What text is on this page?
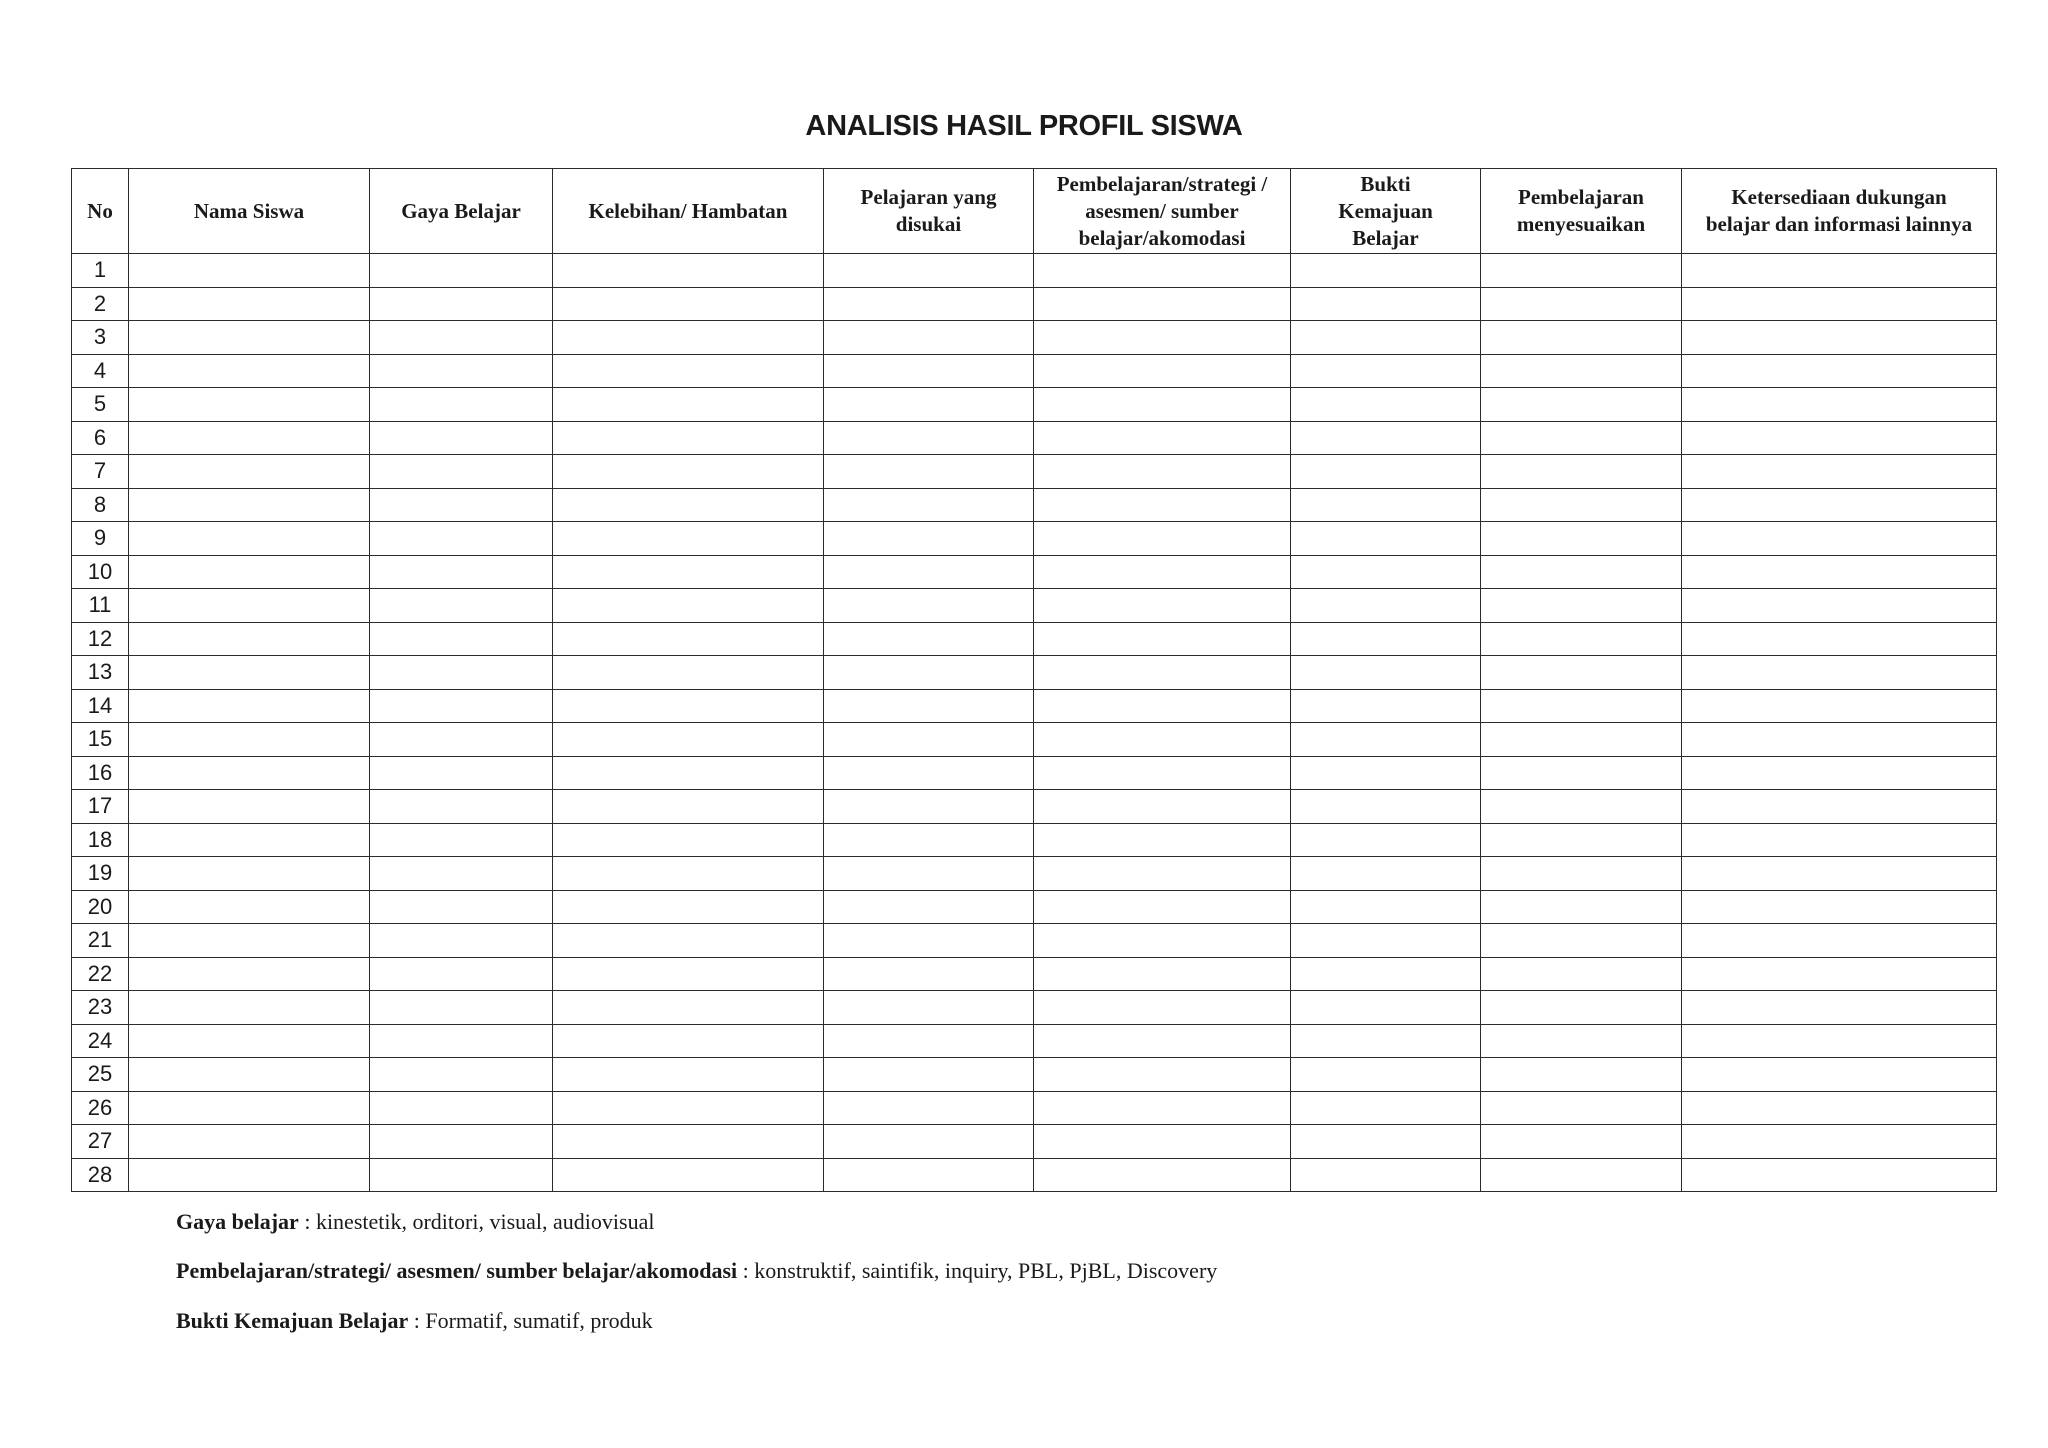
ANALISIS HASIL PROFIL SISWA
No	Nama Siswa	Gaya Belajar	Kelebihan/ Hambatan	Pelajaran yang disukai	Pembelajaran/strategi / asesmen/ sumber belajar/akomodasi	Bukti Kemajuan Belajar	Pembelajaran menyesuaikan	Ketersediaan dukungan belajar dan informasi lainnya
1								
2								
3								
4								
5								
6								
7								
8								
9								
10								
11								
12								
13								
14								
15								
16								
17								
18								
19								
20								
21								
22								
23								
24								
25								
26								
27								
28								
Gaya belajar : kinestetik, orditori, visual, audiovisual
Pembelajaran/strategi/ asesmen/ sumber belajar/akomodasi : konstruktif, saintifik, inquiry, PBL, PjBL, Discovery
Bukti Kemajuan Belajar : Formatif, sumatif, produk
